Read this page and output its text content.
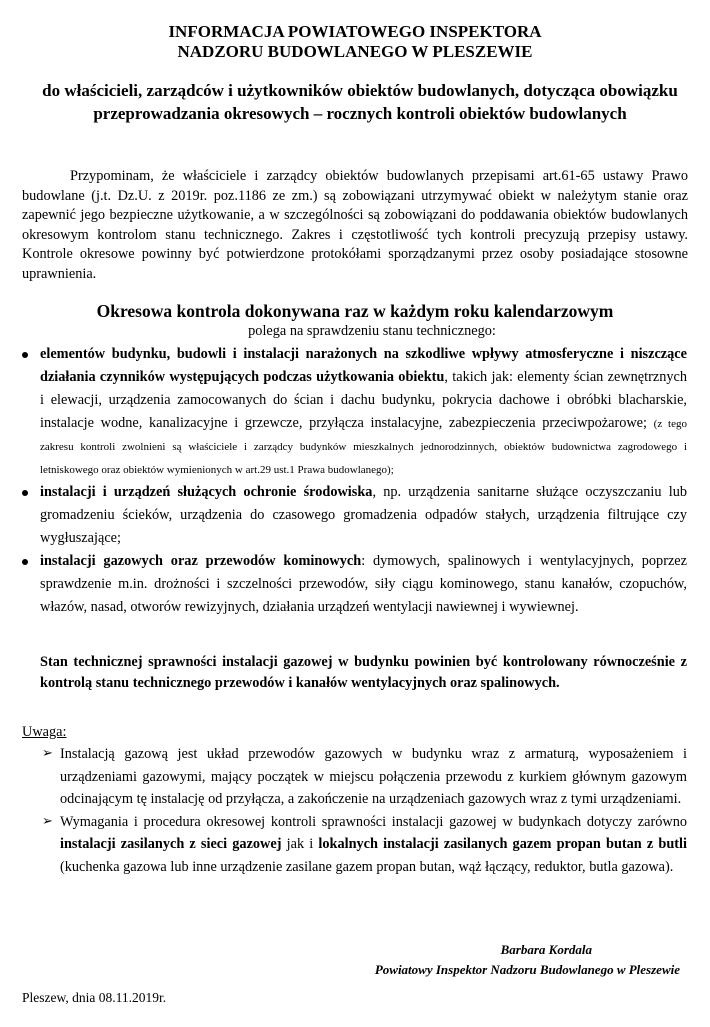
INFORMACJA POWIATOWEGO INSPEKTORA
NADZORU BUDOWLANEGO W PLESZEWIE

do właścicieli, zarządców i użytkowników obiektów budowlanych, dotycząca obowiązku przeprowadzania okresowych – rocznych kontroli obiektów budowlanych

Przypominam, że właściciele i zarządcy obiektów budowlanych przepisami art.61-65 ustawy Prawo budowlane (j.t. Dz.U. z 2019r. poz.1186 ze zm.) są zobowiązani utrzymywać obiekt w należytym stanie oraz zapewnić jego bezpieczne użytkowanie, a w szczególności są zobowiązani do poddawania obiektów budowlanych okresowym kontrolom stanu technicznego. Zakres i częstotliwość tych kontroli precyzują przepisy ustawy. Kontrole okresowe powinny być potwierdzone protokółami sporządzanymi przez osoby posiadające stosowne uprawnienia.

Okresowa kontrola dokonywana raz w każdym roku kalendarzowym

polega na sprawdzeniu stanu technicznego:

elementów budynku, budowli i instalacji narażonych na szkodliwe wpływy atmosferyczne i niszczące działania czynników występujących podczas użytkowania obiektu, takich jak: elementy ścian zewnętrznych i elewacji, urządzenia zamocowanych do ścian i dachu budynku, pokrycia dachowe i obróbki blacharskie, instalacje wodne, kanalizacyjne i grzewcze, przyłącza instalacyjne, zabezpieczenia przeciwpożarowe; (z tego zakresu kontroli zwolnieni są właściciele i zarządcy budynków mieszkalnych jednorodzinnych, obiektów budownictwa zagrodowego i letniskowego oraz obiektów wymienionych w art.29 ust.1 Prawa budowlanego);
instalacji i urządzeń służących ochronie środowiska, np. urządzenia sanitarne służące oczyszczaniu lub gromadzeniu ścieków, urządzenia do czasowego gromadzenia odpadów stałych, urządzenia filtrujące czy wygłuszające;
instalacji gazowych oraz przewodów kominowych: dymowych, spalinowych i wentylacyjnych, poprzez sprawdzenie m.in. drożności i szczelności przewodów, siły ciągu kominowego, stanu kanałów, czopuchów, włazów, nasad, otworów rewizyjnych, działania urządzeń wentylacji nawiewnej i wywiewnej.

Stan technicznej sprawności instalacji gazowej w budynku powinien być kontrolowany równocześnie z kontrolą stanu technicznego przewodów i kanałów wentylacyjnych oraz spalinowych.

Uwaga:

➢ Instalacją gazową jest układ przewodów gazowych w budynku wraz z armaturą, wyposażeniem i urządzeniami gazowymi, mający początek w miejscu połączenia przewodu z kurkiem głównym gazowym odcinającym tę instalację od przyłącza, a zakończenie na urządzeniach gazowych wraz z tymi urządzeniami.
➢ Wymagania i procedura okresowej kontroli sprawności instalacji gazowej w budynkach dotyczy zarówno instalacji zasilanych z sieci gazowej jak i lokalnych instalacji zasilanych gazem propan butan z butli (kuchenka gazowa lub inne urządzenie zasilane gazem propan butan, wąż łączący, reduktor, butla gazowa).

Barbara Kordala

Powiatowy Inspektor Nadzoru Budowlanego w Pleszewie

Pleszew, dnia 08.11.2019r.
